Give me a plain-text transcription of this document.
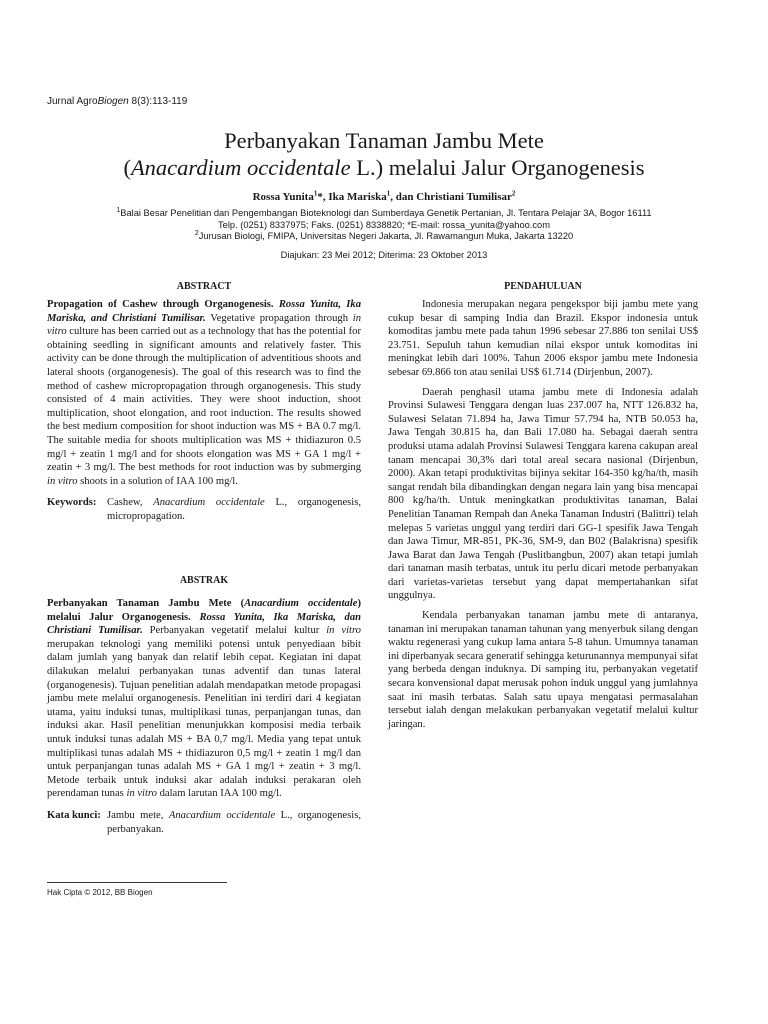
Jurnal AgroBiogen 8(3):113-119
Perbanyakan Tanaman Jambu Mete
(Anacardium occidentale L.) melalui Jalur Organogenesis
Rossa Yunita$^1$*, Ika Mariska$^1$, dan Christiani Tumilisar$^2$
$^1$Balai Besar Penelitian dan Pengembangan Bioteknologi dan Sumberdaya Genetik Pertanian, Jl. Tentara Pelajar 3A, Bogor 16111
Telp. (0251) 8337975; Faks. (0251) 8338820; *E-mail: rossa_yunita@yahoo.com
$^2$Jurusan Biologi, FMIPA, Universitas Negeri Jakarta, Jl. Rawamangun Muka, Jakarta 13220
Diajukan: 23 Mei 2012; Diterima: 23 Oktober 2013
ABSTRACT

Propagation of Cashew through Organogenesis. Rossa Yunita, Ika Mariska, and Christiani Tumilisar. Vegetative propagation through in vitro culture has been carried out as a technology that has the potential for obtaining seedling in significant amounts and relatively faster. This activity can be done through the multiplication of adventitious shoots and lateral shoots (organogenesis). The goal of this research was to find the method of cashew micropropagation through organogenesis. This study consisted of 4 main activities. They were shoot induction, shoot multiplication, shoot elongation, and root induction. The results showed the best medium composition for shoot induction was MS + BA 0.7 mg/l. The suitable media for shoots multiplication was MS + thidiazuron 0.5 mg/l + zeatin 1 mg/l and for shoots elongation was MS + GA 1 mg/l + zeatin + 3 mg/l. The best methods for root induction was by submerging in vitro shoots in a solution of IAA 100 mg/l.

Keywords: Cashew, Anacardium occidentale L., organogenesis, micropropagation.
ABSTRAK

Perbanyakan Tanaman Jambu Mete (Anacardium occidentale) melalui Jalur Organogenesis. Rossa Yunita, Ika Mariska, dan Christiani Tumilisar. Perbanyakan vegetatif melalui kultur in vitro merupakan teknologi yang memiliki potensi untuk penyediaan bibit dalam jumlah yang banyak dan relatif lebih cepat. Kegiatan ini dapat dilakukan melalui perbanyakan tunas adventif dan tunas lateral (organogenesis). Tujuan penelitian adalah mendapatkan metode propagasi jambu mete melalui organogenesis. Penelitian ini terdiri dari 4 kegiatan utama, yaitu induksi tunas, multiplikasi tunas, perpanjangan tunas, dan induksi akar. Hasil penelitian menunjukkan komposisi media terbaik untuk induksi tunas adalah MS + BA 0,7 mg/l. Media yang tepat untuk multiplikasi tunas adalah MS + thidiazuron 0,5 mg/l + zeatin 1 mg/l dan untuk perpanjangan tunas adalah MS + GA 1 mg/l + zeatin + 3 mg/l. Metode terbaik untuk induksi akar adalah induksi perakaran oleh perendaman tunas in vitro dalam larutan IAA 100 mg/l.

Kata kunci: Jambu mete, Anacardium occidentale L., organogenesis, perbanyakan.
PENDAHULUAN

Indonesia merupakan negara pengekspor biji jambu mete yang cukup besar di samping India dan Brazil. Ekspor indonesia untuk komoditas jambu mete pada tahun 1996 sebesar 27.886 ton senilai US$ 23.751. Sepuluh tahun kemudian nilai ekspor untuk komoditas ini meningkat lebih dari 100%. Tahun 2006 ekspor jambu mete Indonesia sebesar 69.866 ton atau senilai US$ 61.714 (Dirjenbun, 2007).

Daerah penghasil utama jambu mete di Indonesia adalah Provinsi Sulawesi Tenggara dengan luas 237.007 ha, NTT 126.832 ha, Sulawesi Selatan 71.894 ha, Jawa Timur 57.794 ha, NTB 50.053 ha, Jawa Tengah 30.815 ha, dan Bali 17.080 ha. Sebagai daerah sentra produksi utama adalah Provinsi Sulawesi Tenggara karena cakupan areal tanam mencapai 30,3% dari total areal secara nasional (Dirjenbun, 2000). Akan tetapi produktivitas bijinya sekitar 164-350 kg/ha/th, masih sangat rendah bila dibandingkan dengan negara lain yang bisa mencapai 800 kg/ha/th. Untuk meningkatkan produktivitas tanaman, Balai Penelitian Tanaman Rempah dan Aneka Tanaman Industri (Balittri) telah melepas 5 varietas unggul yang terdiri dari GG-1 spesifik Jawa Tengah dan Jawa Timur, MR-851, PK-36, SM-9, dan B02 (Balakrisna) spesifik Jawa Barat dan Jawa Tengah (Puslitbangbun, 2007) akan tetapi jumlah dari tanaman masih terbatas, untuk itu perlu dicari metode perbanyakan dari varietas-varietas tersebut yang dapat mempertahankan sifat unggulnya.

Kendala perbanyakan tanaman jambu mete di antaranya, tanaman ini merupakan tanaman tahunan yang menyerbuk silang dengan waktu regenerasi yang cukup lama antara 5-8 tahun. Umumnya tanaman ini diperbanyak secara generatif sehingga keturunannya mempunyai sifat yang berbeda dengan induknya. Di samping itu, perbanyakan vegetatif secara konvensional dapat merusak pohon induk unggul yang jumlahnya saat ini masih terbatas. Salah satu upaya mengatasi permasalahan tersebut ialah dengan melakukan perbanyakan vegetatif melalui kultur jaringan.

Hak Cipta © 2012, BB Biogen
